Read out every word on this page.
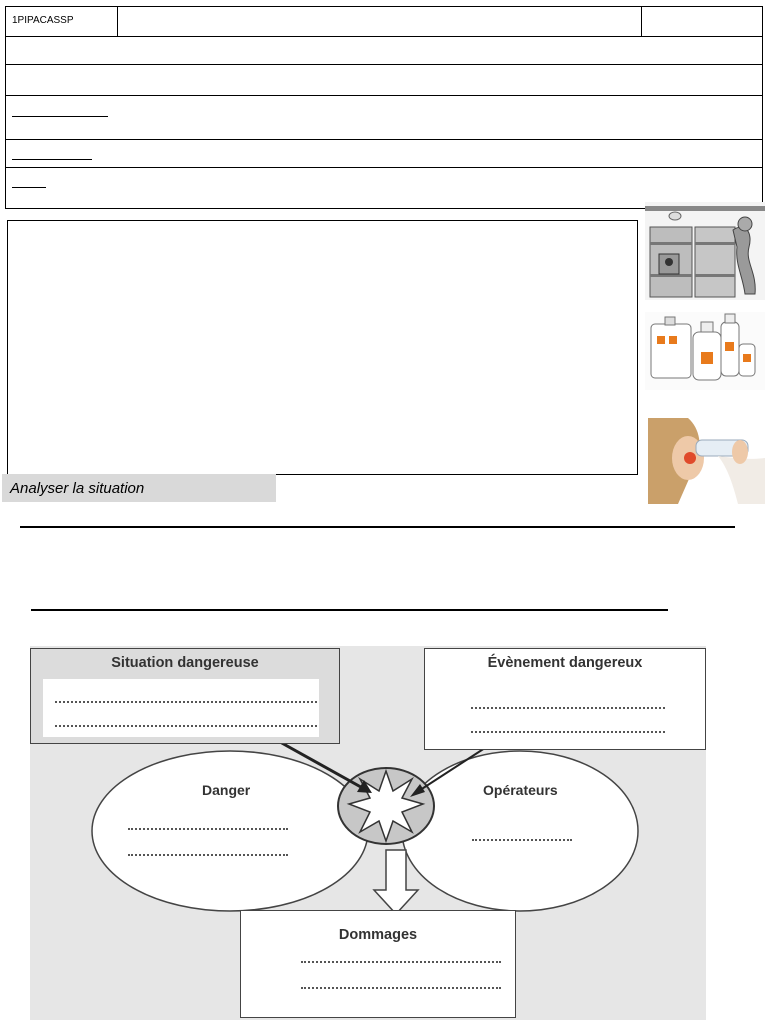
1PIPACASSP
Analyser la situation
Situation dangereuse	Évènement dangereux
Danger	Opérateurs
Dommages
